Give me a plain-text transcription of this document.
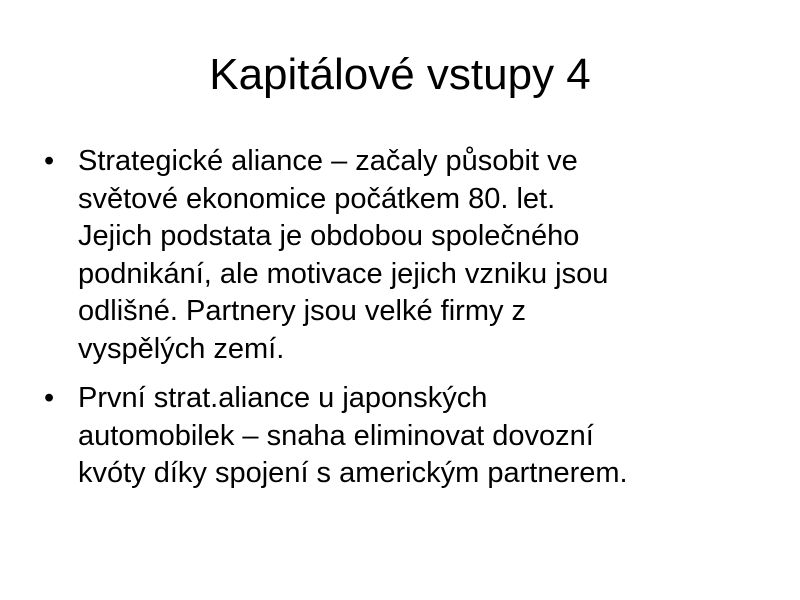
Kapitálové vstupy 4
• Strategické aliance – začaly působit ve
světové ekonomice počátkem 80. let.
Jejich podstata je obdobou společného
podnikání, ale motivace jejich vzniku jsou
odlišné. Partnery jsou velké firmy z
vyspělých zemí.
• První strat.aliance u japonských
automobilek – snaha eliminovat dovozní
kvóty díky spojení s americkým partnerem.
